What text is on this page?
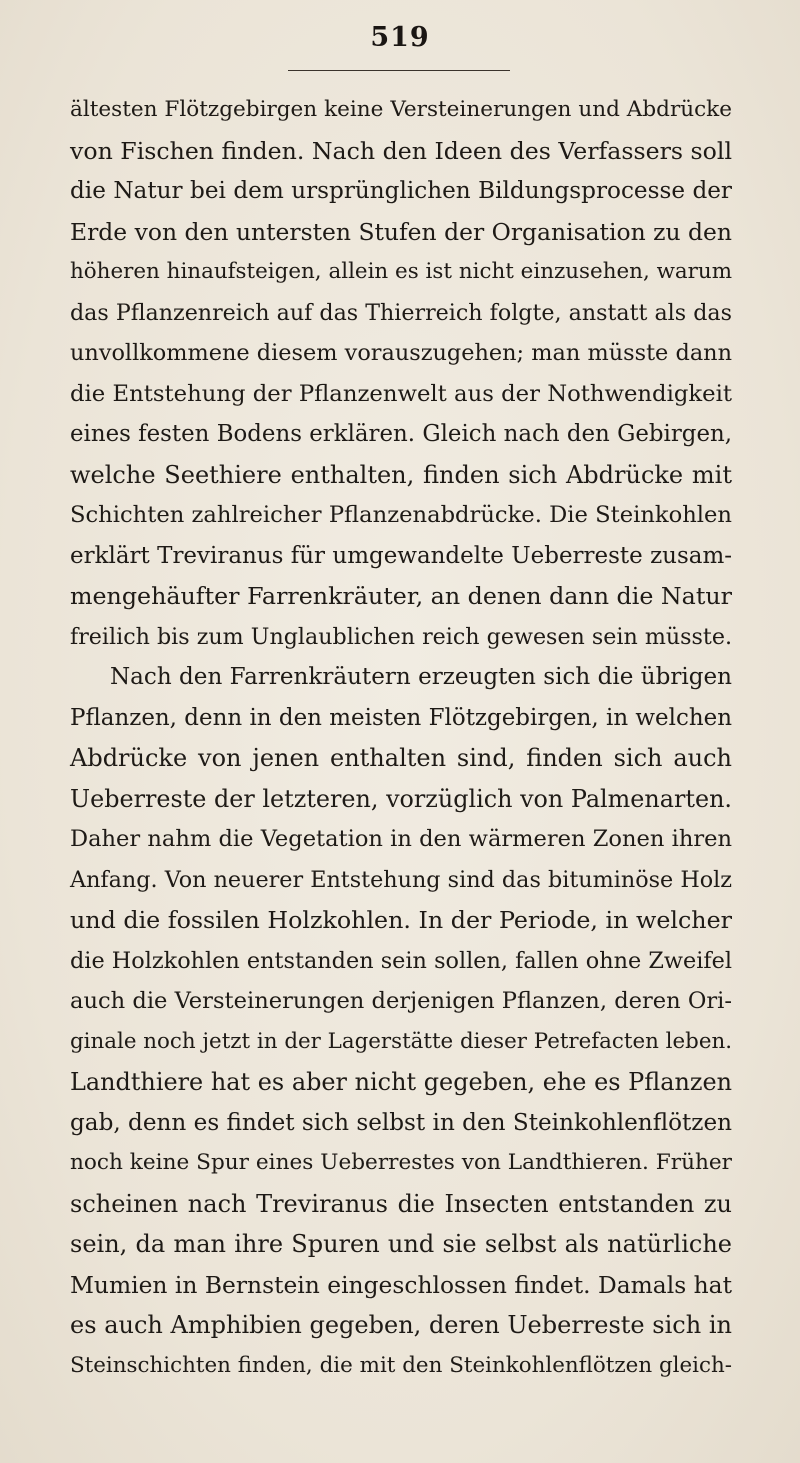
519
ältesten Flötzgebirgen keine Versteinerungen und Abdrücke
von Fischen finden. Nach den Ideen des Verfassers soll
die Natur bei dem ursprünglichen Bildungsprocesse der
Erde von den untersten Stufen der Organisation zu den
höheren hinaufsteigen, allein es ist nicht einzusehen, warum
das Pflanzenreich auf das Thierreich folgte, anstatt als das
unvollkommene diesem vorauszugehen; man müsste dann
die Entstehung der Pflanzenwelt aus der Nothwendigkeit
eines festen Bodens erklären. Gleich nach den Gebirgen,
welche Seethiere enthalten, finden sich Abdrücke mit
Schichten zahlreicher Pflanzenabdrücke. Die Steinkohlen
erklärt Treviranus für umgewandelte Ueberreste zusam-
mengehäufter Farrenkräuter, an denen dann die Natur
freilich bis zum Unglaublichen reich gewesen sein müsste.
Nach den Farrenkräutern erzeugten sich die übrigen
Pflanzen, denn in den meisten Flötzgebirgen, in welchen
Abdrücke von jenen enthalten sind, finden sich auch
Ueberreste der letzteren, vorzüglich von Palmenarten.
Daher nahm die Vegetation in den wärmeren Zonen ihren
Anfang. Von neuerer Entstehung sind das bituminöse Holz
und die fossilen Holzkohlen. In der Periode, in welcher
die Holzkohlen entstanden sein sollen, fallen ohne Zweifel
auch die Versteinerungen derjenigen Pflanzen, deren Ori-
ginale noch jetzt in der Lagerstätte dieser Petrefacten leben.
Landthiere hat es aber nicht gegeben, ehe es Pflanzen
gab, denn es findet sich selbst in den Steinkohlenflötzen
noch keine Spur eines Ueberrestes von Landthieren. Früher
scheinen nach Treviranus die Insecten entstanden zu
sein, da man ihre Spuren und sie selbst als natürliche
Mumien in Bernstein eingeschlossen findet. Damals hat
es auch Amphibien gegeben, deren Ueberreste sich in
Steinschichten finden, die mit den Steinkohlenflötzen gleich-
